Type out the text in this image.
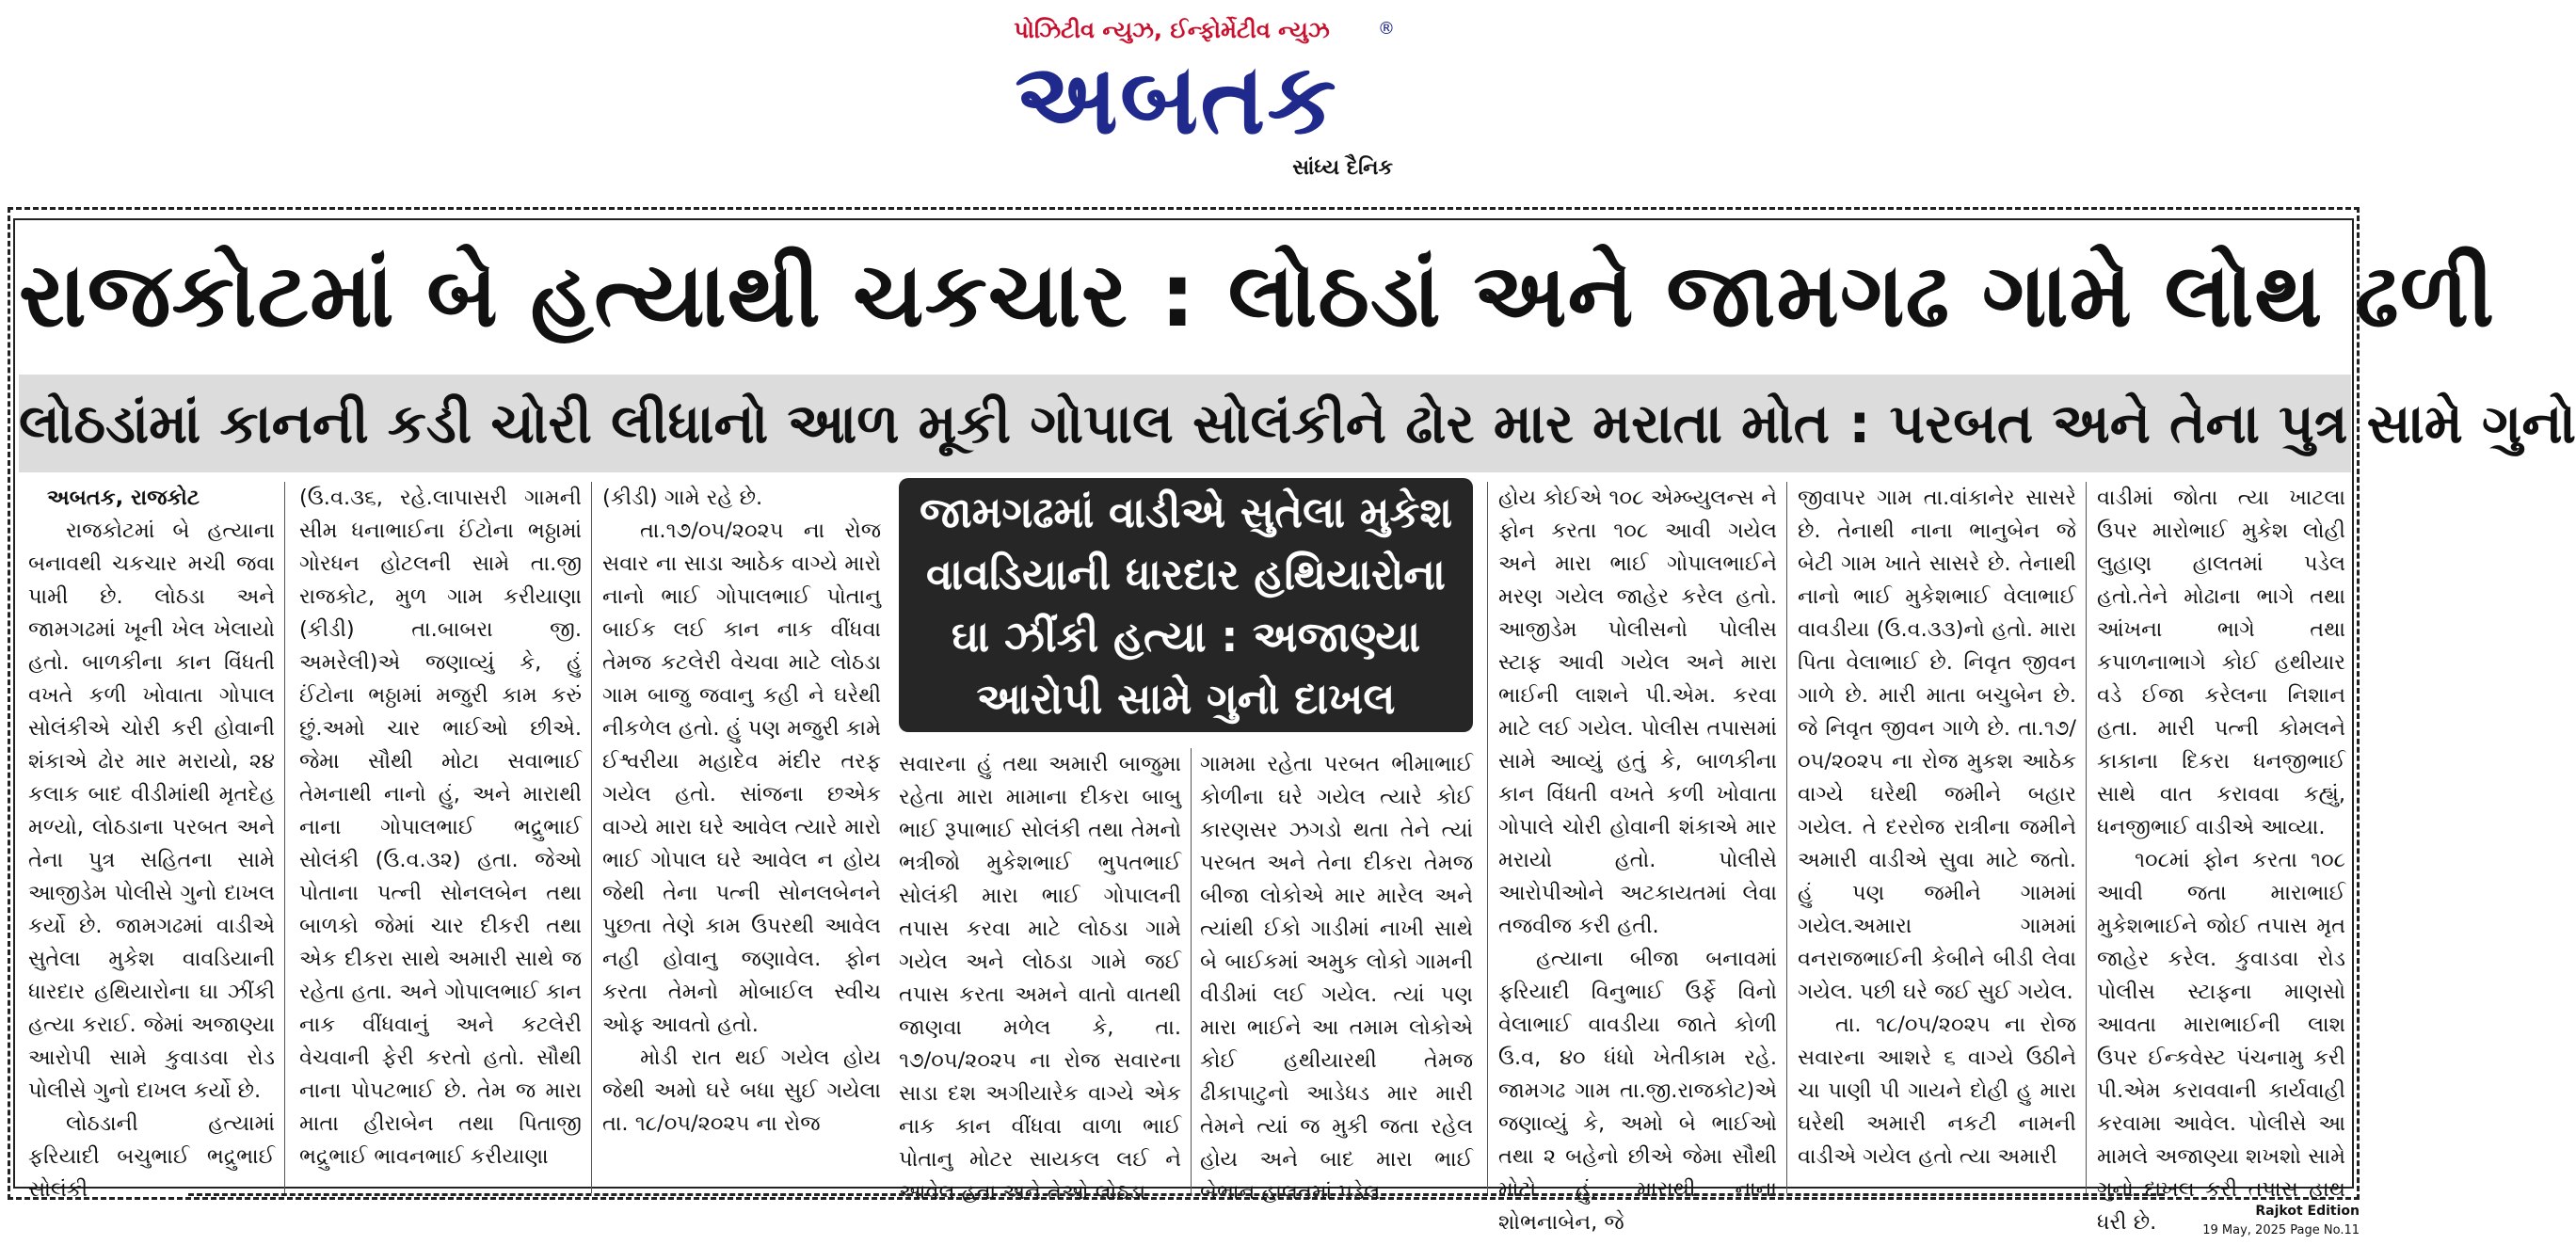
પોઝિટીવ ન્યુઝ, ઈન્ફોર્મેટીવ ન્યુઝ	®
અબતક
સાંધ્ય દૈનિક
રાજકોટમાં બે હત્યાથી ચકચાર : લોઠડાં અને જામગઢ ગામે લોથ ઢળી
લોઠડાંમાં કાનની કડી ચોરી લીધાનો આળ મૂકી ગોપાલ સોલંકીને ઢોર માર મરાતા મોત : પરબત અને તેના પુત્ર સામે ગુનો

અબતક, રાજકોટ

રાજકોટમાં બે હત્યાના બનાવથી ચકચાર મચી જવા પામી છે. લોઠડા અને જામગઢમાં ખૂની ખેલ ખેલાયો હતો. બાળકીના કાન વિંધતી વખતે કળી ખોવાતા ગોપાલ સોલંકીએ ચોરી કરી હોવાની શંકાએ ઢોર માર મરાયો, ૨૪ કલાક બાદ વીડીમાંથી મૃતદેહ મળ્યો, લોઠડાના પરબત અને તેના પુત્ર સહિતના સામે આજીડેમ પોલીસે ગુનો દાખલ કર્યો છે. જામગઢમાં વાડીએ સુતેલા મુકેશ વાવડિયાની ધારદાર હથિયારોના ઘા ઝીંકી હત્યા કરાઈ. જેમાં અજાણ્યા આરોપી સામે કુવાડવા રોડ પોલીસે ગુનો દાખલ કર્યો છે.

લોઠડાની હત્યામાં ફરિયાદી બચુભાઈ ભદ્રુભાઈ સોલંકી

(ઉ.વ.૩૬, રહે.લાપાસરી ગામની સીમ ધનાભાઈના ઈંટોના ભઠ્ઠામાં ગોરધન હોટલની સામે તા.જી રાજકોટ, મુળ ગામ કરીયાણા (કીડી) તા.બાબરા જી. અમરેલી)એ જણાવ્યું કે, હું ઈંટોના ભઠ્ઠામાં મજુરી કામ કરું છું.અમો ચાર ભાઈઓ છીએ. જેમા સૌથી મોટા સવાભાઈ તેમનાથી નાનો હું, અને મારાથી નાના ગોપાલભાઈ ભદ્રુભાઈ સોલંકી (ઉ.વ.૩૨) હતા. જેઓ પોતાના પત્ની સોનલબેન તથા બાળકો જેમાં ચાર દીકરી તથા એક દીકરા સાથે અમારી સાથે જ રહેતા હતા. અને ગોપાલભાઈ કાન નાક વીંધવાનું અને કટલેરી વેચવાની ફેરી કરતો હતો. સૌથી નાના પોપટભાઈ છે. તેમ જ મારા માતા હીરાબેન તથા પિતાજી ભદ્રુભાઈ ભાવનભાઈ કરીયાણા

(કીડી) ગામે રહે છે.

તા.૧૭/૦૫/૨૦૨૫ ના રોજ સવાર ના સાડા આઠેક વાગ્યે મારો નાનો ભાઈ ગોપાલભાઈ પોતાનુ બાઈક લઈ કાન નાક વીંધવા તેમજ કટલેરી વેચવા માટે લોઠડા ગામ બાજુ જવાનુ કહી ને ઘરેથી નીકળેલ હતો. હું પણ મજુરી કામે ઈશ્વરીયા મહાદેવ મંદીર તરફ ગયેલ હતો. સાંજના છએક વાગ્યે મારા ઘરે આવેલ ત્યારે મારો ભાઈ ગોપાલ ઘરે આવેલ ન હોય જેથી તેના પત્ની સોનલબેનને પુછતા તેણે કામ ઉપરથી આવેલ નહી હોવાનુ જણાવેલ. ફોન કરતા તેમનો મોબાઈલ સ્વીચ ઓફ આવતો હતો.

મોડી રાત થઈ ગયેલ હોય જેથી અમો ઘરે બધા સુઈ ગયેલા તા. ૧૮/૦૫/૨૦૨૫ ના રોજ

જામગઢમાં વાડીએ સુતેલા મુકેશ
વાવડિયાની ધારદાર હથિયારોના
ઘા ઝીંકી હત્યા : અજાણ્યા
આરોપી સામે ગુનો દાખલ

સવારના હું તથા અમારી બાજુમા રહેતા મારા મામાના દીકરા બાબુ ભાઈ રૂપાભાઈ સોલંકી તથા તેમનો ભત્રીજો મુકેશભાઈ ભુપતભાઈ સોલંકી મારા ભાઈ ગોપાલની તપાસ કરવા માટે લોઠડા ગામે ગયેલ અને લોઠડા ગામે જઈ તપાસ કરતા અમને વાતો વાતથી જાણવા મળેલ કે, તા. ૧૭/૦૫/૨૦૨૫ ના રોજ સવારના સાડા દશ અગીયારેક વાગ્યે એક નાક કાન વીંધવા વાળા ભાઈ પોતાનુ મોટર સાયકલ લઈ ને આવેલ હતા અને તેઓ લોઠડા

ગામમા રહેતા પરબત ભીમાભાઈ કોળીના ઘરે ગયેલ ત્યારે કોઈ કારણસર ઝગડો થતા તેને ત્યાં પરબત અને તેના દીકરા તેમજ બીજા લોકોએ માર મારેલ અને ત્યાંથી ઈકો ગાડીમાં નાખી સાથે બે બાઈકમાં અમુક લોકો ગામની વીડીમાં લઈ ગયેલ. ત્યાં પણ મારા ભાઈને આ તમામ લોકોએ કોઈ હથીયારથી તેમજ ઢીકાપાટુનો આડેધડ માર મારી તેમને ત્યાં જ મુકી જતા રહેલ હોય અને બાદ મારા ભાઈ બેભાન હાલતમાં પડેલ

હોય કોઈએ ૧૦૮ એમ્બ્યુલન્સ ને ફોન કરતા ૧૦૮ આવી ગયેલ અને મારા ભાઈ ગોપાલભાઈને મરણ ગયેલ જાહેર કરેલ હતો. આજીડેમ પોલીસનો પોલીસ સ્ટાફ આવી ગયેલ અને મારા ભાઈની લાશને પી.એમ. કરવા માટે લઈ ગયેલ. પોલીસ તપાસમાં સામે આવ્યું હતું કે, બાળકીના કાન વિંધતી વખતે કળી ખોવાતા ગોપાલે ચોરી હોવાની શંકાએ માર મરાયો હતો. પોલીસે આરોપીઓને અટકાયતમાં લેવા તજવીજ કરી હતી.

હત્યાના બીજા બનાવમાં ફરિયાદી વિનુભાઈ ઉર્ફે વિનો વેલાભાઈ વાવડીયા જાતે કોળી ઉ.વ, ૪૦ ધંધો ખેતીકામ રહે. જામગઢ ગામ તા.જી.રાજકોટ)એ જણાવ્યું કે, અમો બે ભાઈઓ તથા ૨ બહેનો છીએ જેમા સૌથી મોટો હું, મારાથી નાના શોભનાબેન, જે

જીવાપર ગામ તા.વાંકાનેર સાસરે છે. તેનાથી નાના ભાનુબેન જે બેટી ગામ ખાતે સાસરે છે. તેનાથી નાનો ભાઈ મુકેશભાઈ વેલાભાઈ વાવડીયા (ઉ.વ.૩૩)નો હતો. મારા પિતા વેલાભાઈ છે. નિવૃત જીવન ગાળે છે. મારી માતા બચુબેન છે. જે નિવૃત જીવન ગાળે છે. તા.૧૭/ ૦૫/૨૦૨૫ ના રોજ મુકશ આઠેક વાગ્યે ઘરેથી જમીને બહાર ગયેલ. તે દરરોજ રાત્રીના જમીને અમારી વાડીએ સુવા માટે જતો. હું પણ જમીને ગામમાં ગયેલ.અમારા ગામમાં વનરાજભાઈની કેબીને બીડી લેવા ગયેલ. પછી ઘરે જઈ સુઈ ગયેલ.

તા. ૧૮/૦૫/૨૦૨૫ ના રોજ સવારના આશરે ૬ વાગ્યે ઉઠીને ચા પાણી પી ગાયને દોહી હુ મારા ઘરેથી અમારી નકટી નામની વાડીએ ગયેલ હતો ત્યા અમારી

વાડીમાં જોતા ત્યા ખાટલા ઉપર મારોભાઈ મુકેશ લોહી લુહાણ હાલતમાં પડેલ હતો.તેને મોઢાના ભાગે તથા આંખના ભાગે તથા કપાળનાભાગે કોઈ હથીયાર વડે ઈજા કરેલના નિશાન હતા. મારી પત્ની કોમલને કાકાના દિકરા ધનજીભાઈ સાથે વાત કરાવવા કહ્યું, ધનજીભાઈ વાડીએ આવ્યા.

૧૦૮માં ફોન કરતા ૧૦૮ આવી જતા મારાભાઈ મુકેશભાઈને જોઈ તપાસ મૃત જાહેર કરેલ. કુવાડવા રોડ પોલીસ સ્ટાફના માણસો આવતા મારાભાઈની લાશ ઉપર ઈન્કવેસ્ટ પંચનામુ કરી પી.એમ કરાવવાની કાર્યવાહી કરવામા આવેલ. પોલીસે આ મામલે અજાણ્યા શખશો સામે ગુનો દાખલ કરી તપાસ હાથ ધરી છે.	Rajkot Edition
19 May, 2025 Page No.11
